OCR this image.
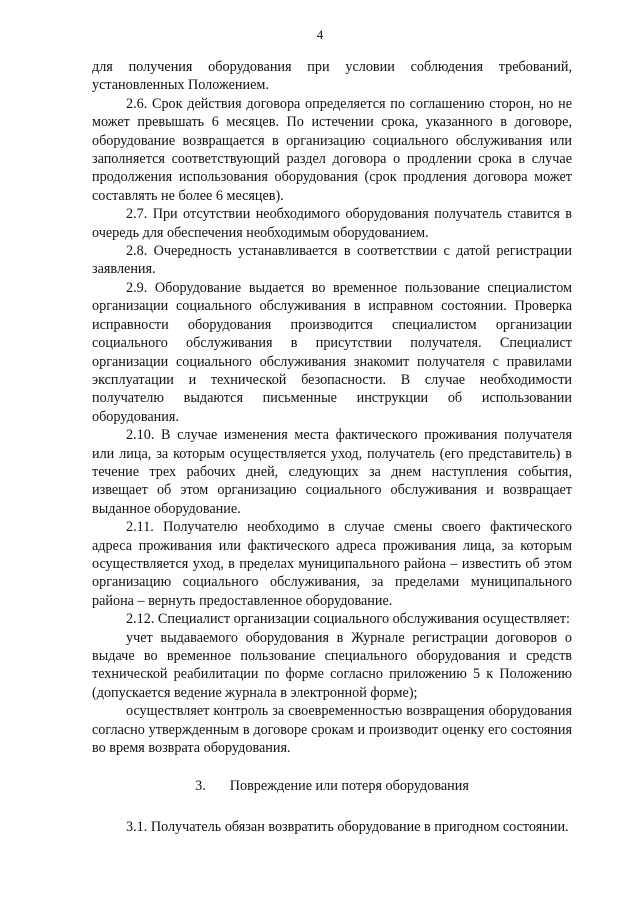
4

для получения оборудования при условии соблюдения требований, установленных Положением.

2.6. Срок действия договора определяется по соглашению сторон, но не может превышать 6 месяцев. По истечении срока, указанного в договоре, оборудование возвращается в организацию социального обслуживания или заполняется соответствующий раздел договора о продлении срока в случае продолжения использования оборудования (срок продления договора может составлять не более 6 месяцев).

2.7. При отсутствии необходимого оборудования получатель ставится в очередь для обеспечения необходимым оборудованием.

2.8. Очередность устанавливается в соответствии с датой регистрации заявления.

2.9. Оборудование выдается во временное пользование специалистом организации социального обслуживания в исправном состоянии. Проверка исправности оборудования производится специалистом организации социального обслуживания в присутствии получателя. Специалист организации социального обслуживания знакомит получателя с правилами эксплуатации и технической безопасности. В случае необходимости получателю выдаются письменные инструкции об использовании оборудования.

2.10. В случае изменения места фактического проживания получателя или лица, за которым осуществляется уход, получатель (его представитель) в течение трех рабочих дней, следующих за днем наступления события, извещает об этом организацию социального обслуживания и возвращает выданное оборудование.

2.11. Получателю необходимо в случае смены своего фактического адреса проживания или фактического адреса проживания лица, за которым осуществляется уход, в пределах муниципального района – известить об этом организацию социального обслуживания, за пределами муниципального района – вернуть предоставленное оборудование.

2.12. Специалист организации социального обслуживания осуществляет:

учет выдаваемого оборудования в Журнале регистрации договоров о выдаче во временное пользование специального оборудования и средств технической реабилитации по форме согласно приложению 5 к Положению (допускается ведение журнала в электронной форме);

осуществляет контроль за своевременностью возвращения оборудования согласно утвержденным в договоре срокам и производит оценку его состояния во время возврата оборудования.

3. Повреждение или потеря оборудования

3.1. Получатель обязан возвратить оборудование в пригодном состоянии.
